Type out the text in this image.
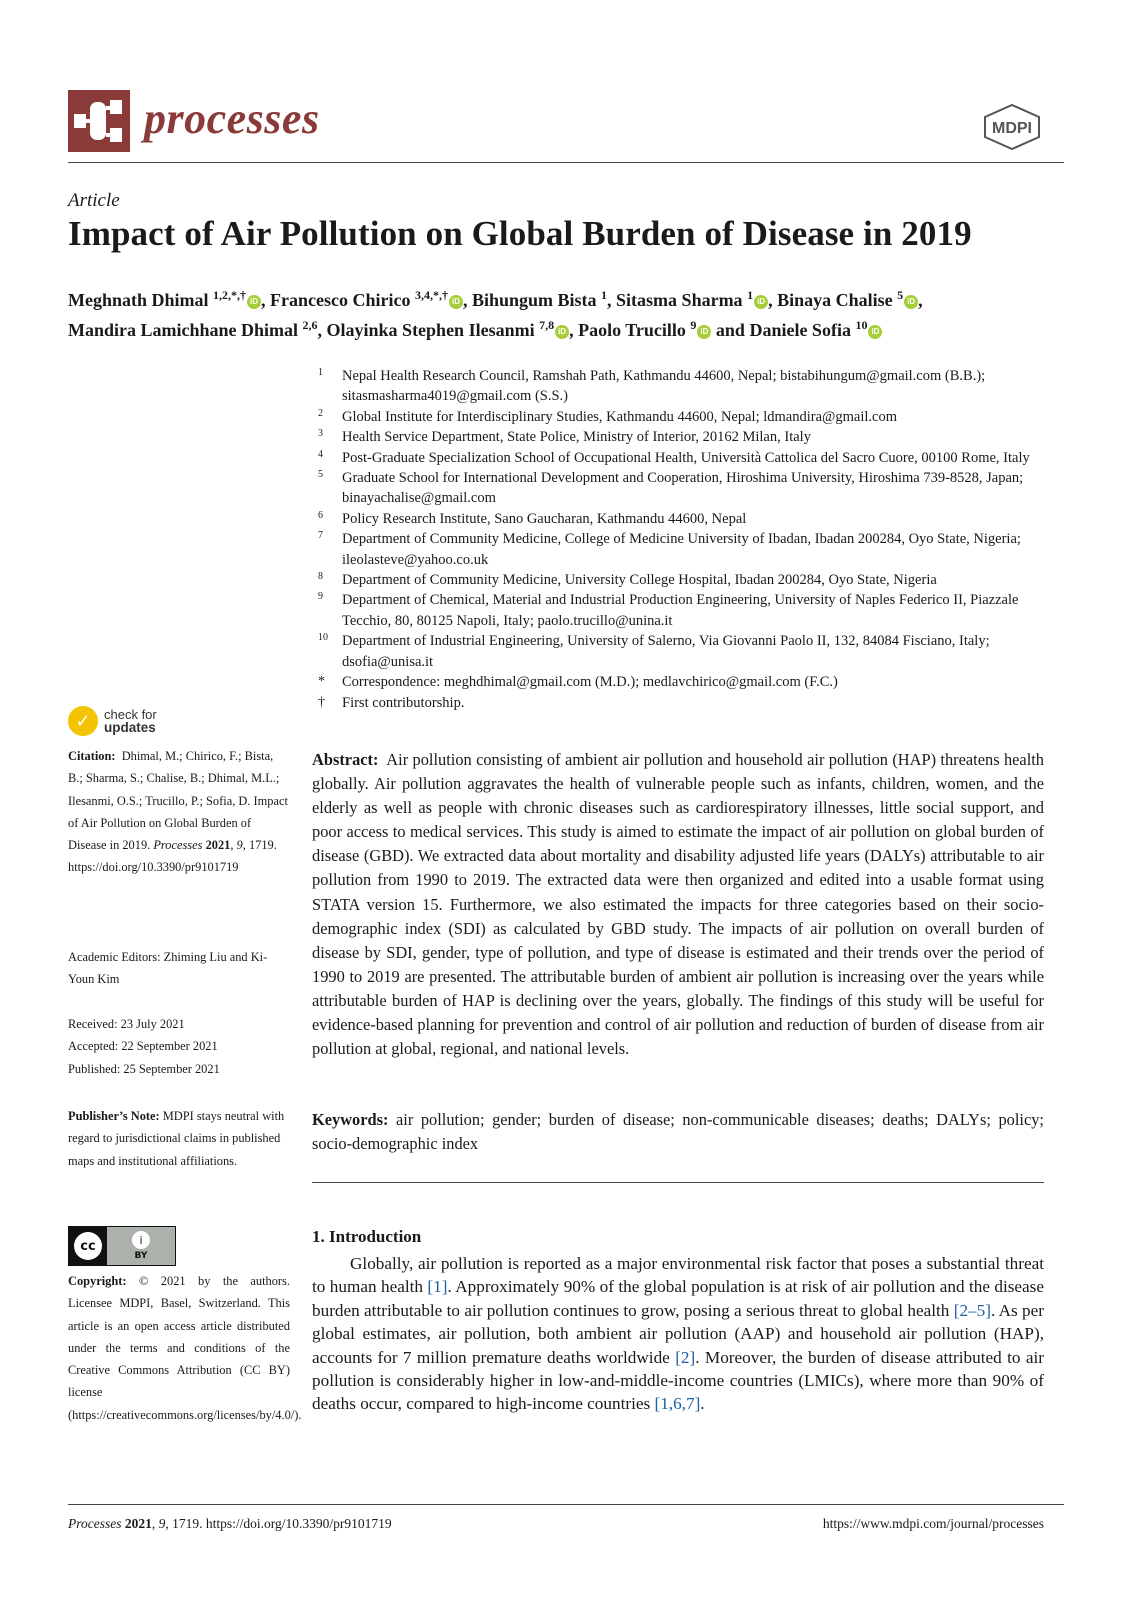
processes	MDPI
Article
Impact of Air Pollution on Global Burden of Disease in 2019
Meghnath Dhimal $^{1,2,*,\dagger}$ iD , Francesco Chirico $^{3,4,*,\dagger}$ iD , Bihungum Bista $^1$, Sitasma Sharma $^1$ iD , Binaya Chalise $^5$ iD ,
Mandira Lamichhane Dhimal $^{2,6}$, Olayinka Stephen Ilesanmi $^{7,8}$ iD , Paolo Trucillo $^9$ iD and Daniele Sofia $^{10}$ iD
1	Nepal Health Research Council, Ramshah Path, Kathmandu 44600, Nepal; bistabihungum@gmail.com (B.B.); sitasmasharma4019@gmail.com (S.S.)
2	Global Institute for Interdisciplinary Studies, Kathmandu 44600, Nepal; ldmandira@gmail.com
3	Health Service Department, State Police, Ministry of Interior, 20162 Milan, Italy
4	Post-Graduate Specialization School of Occupational Health, Università Cattolica del Sacro Cuore, 00100 Rome, Italy
5	Graduate School for International Development and Cooperation, Hiroshima University, Hiroshima 739-8528, Japan; binayachalise@gmail.com
6	Policy Research Institute, Sano Gaucharan, Kathmandu 44600, Nepal
7	Department of Community Medicine, College of Medicine University of Ibadan, Ibadan 200284, Oyo State, Nigeria; ileolasteve@yahoo.co.uk
8	Department of Community Medicine, University College Hospital, Ibadan 200284, Oyo State, Nigeria
9	Department of Chemical, Material and Industrial Production Engineering, University of Naples Federico II, Piazzale Tecchio, 80, 80125 Napoli, Italy; paolo.trucillo@unina.it
10 Department of Industrial Engineering, University of Salerno, Via Giovanni Paolo II, 132, 84084 Fisciano, Italy; dsofia@unisa.it
*	Correspondence: meghdhimal@gmail.com (M.D.); medlavchirico@gmail.com (F.C.)
†	First contributorship.
✓	check for
updates
Citation: Dhimal, M.; Chirico, F.; Bista, B.; Sharma, S.; Chalise, B.; Dhimal, M.L.; Ilesanmi, O.S.; Trucillo, P.; Sofia, D. Impact of Air Pollution on Global Burden of Disease in 2019. Processes 2021, 9, 1719. https://doi.org/10.3390/pr9101719
Academic Editors: Zhiming Liu and Ki-Youn Kim
Received: 23 July 2021
Accepted: 22 September 2021
Published: 25 September 2021
Publisher’s Note: MDPI stays neutral with regard to jurisdictional claims in published maps and institutional affiliations.
cc	i
BY
Copyright: © 2021 by the authors. Licensee MDPI, Basel, Switzerland. This article is an open access article distributed under the terms and conditions of the Creative Commons Attribution (CC BY) license (https://creativecommons.org/licenses/by/4.0/).
Abstract: Air pollution consisting of ambient air pollution and household air pollution (HAP) threatens health globally. Air pollution aggravates the health of vulnerable people such as infants, children, women, and the elderly as well as people with chronic diseases such as cardiorespiratory illnesses, little social support, and poor access to medical services. This study is aimed to estimate the impact of air pollution on global burden of disease (GBD). We extracted data about mortality and disability adjusted life years (DALYs) attributable to air pollution from 1990 to 2019. The extracted data were then organized and edited into a usable format using STATA version 15. Furthermore, we also estimated the impacts for three categories based on their socio-demographic index (SDI) as calculated by GBD study. The impacts of air pollution on overall burden of disease by SDI, gender, type of pollution, and type of disease is estimated and their trends over the period of 1990 to 2019 are presented. The attributable burden of ambient air pollution is increasing over the years while attributable burden of HAP is declining over the years, globally. The findings of this study will be useful for evidence-based planning for prevention and control of air pollution and reduction of burden of disease from air pollution at global, regional, and national levels.
Keywords: air pollution; gender; burden of disease; non-communicable diseases; deaths; DALYs; policy; socio-demographic index
1. Introduction
Globally, air pollution is reported as a major environmental risk factor that poses a substantial threat to human health [1]. Approximately 90% of the global population is at risk of air pollution and the disease burden attributable to air pollution continues to grow, posing a serious threat to global health [2–5]. As per global estimates, air pollution, both ambient air pollution (AAP) and household air pollution (HAP), accounts for 7 million premature deaths worldwide [2]. Moreover, the burden of disease attributed to air pollution is considerably higher in low-and-middle-income countries (LMICs), where more than 90% of deaths occur, compared to high-income countries [1,6,7].
Processes 2021, 9, 1719. https://doi.org/10.3390/pr9101719	https://www.mdpi.com/journal/processes
